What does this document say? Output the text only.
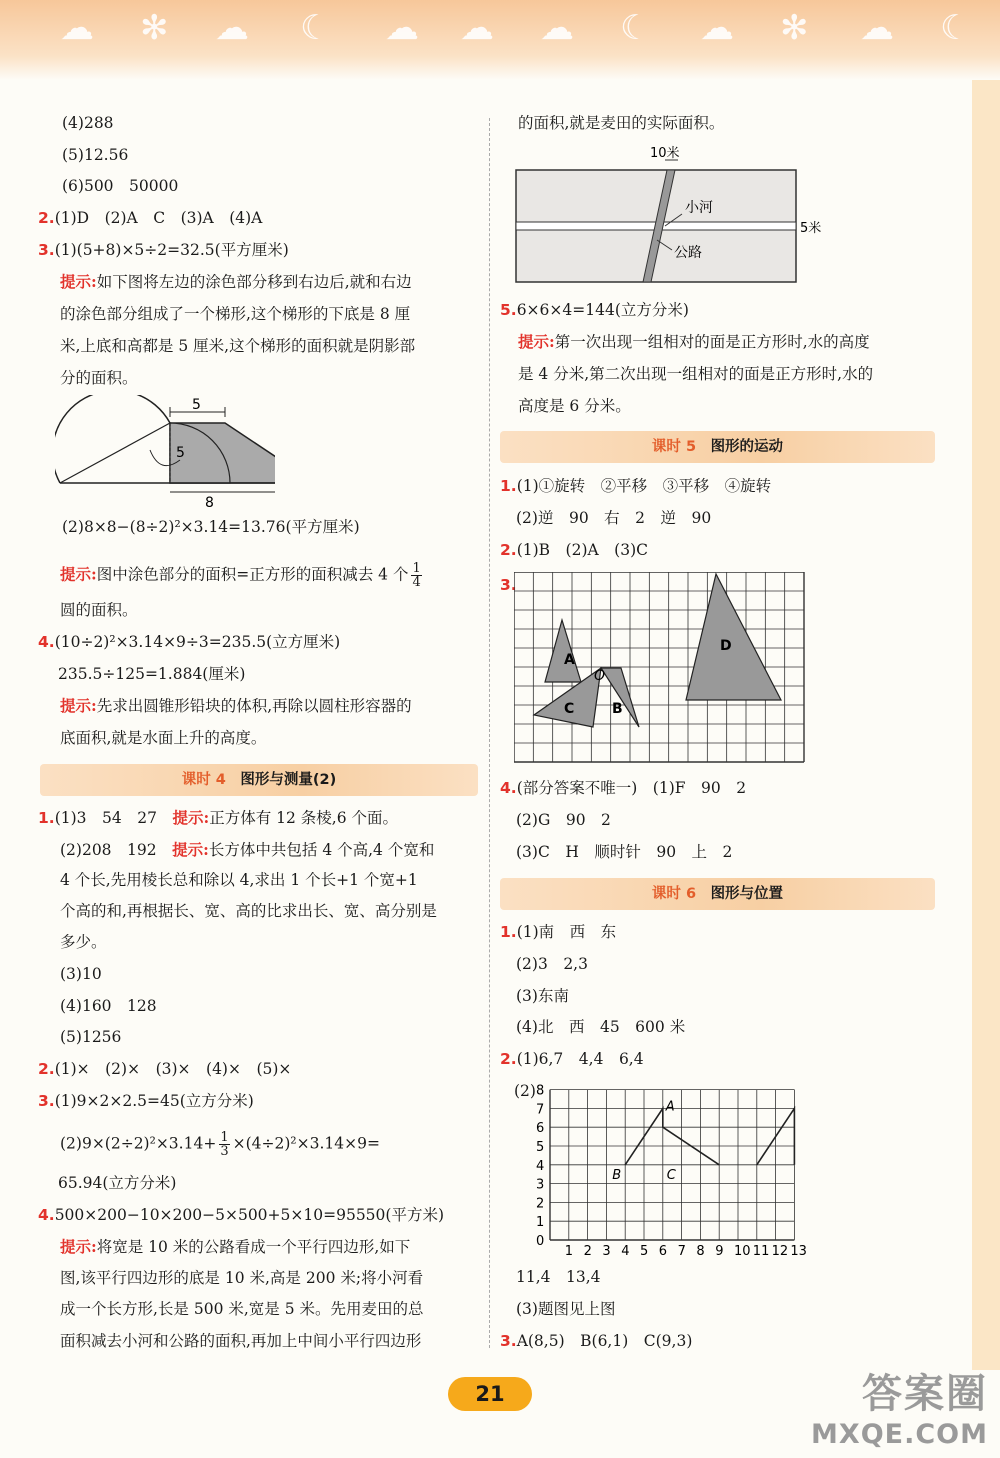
☁ ✻ ☁ ☾ ☁ ☁ ☁ ☾ ☁ ✻ ☁ ☾
(4)288
(5)12.56
(6)500　50000
2.(1)D　(2)A　C　(3)A　(4)A
3.(1)(5+8)×5÷2=32.5(平方厘米)
提示:如下图将左边的涂色部分移到右边后,就和右边
的涂色部分组成了一个梯形,这个梯形的下底是 8 厘
米,上底和高都是 5 厘米,这个梯形的面积就是阴影部
分的面积。
5
5
8
(2)8×8−(8÷2)²×3.14=13.76(平方厘米)
提示:图中涂色部分的面积=正方形的面积减去 4 个 $\frac{1}{4}$
圆的面积。
4.(10÷2)²×3.14×9÷3=235.5(立方厘米)
235.5÷125=1.884(厘米)
提示:先求出圆锥形铅块的体积,再除以圆柱形容器的
底面积,就是水面上升的高度。
课时 4　 图形与测量(2)
1.(1)3　54　27　 提示:正方体有 12 条棱,6 个面。
(2)208　192　 提示:长方体中共包括 4 个高,4 个宽和
4 个长,先用棱长总和除以 4,求出 1 个长+1 个宽+1
个高的和,再根据长、宽、高的比求出长、宽、高分别是
多少。
(3)10
(4)160　128
(5)1256
2.(1)×　(2)×　(3)×　(4)×　(5)×
3.(1)9×2×2.5=45(立方分米)
$(2)9\times(2\div 2)^2\times 3.14+ \frac{1}{3} \times(4\div 2)^2\times 3.14\times 9=$
65.94(立方分米)
4.500×200−10×200−5×500+5×10=95550(平方米)
提示:将宽是 10 米的公路看成一个平行四边形,如下
图,该平行四边形的底是 10 米,高是 200 米;将小河看
成一个长方形,长是 500 米,宽是 5 米。先用麦田的总
面积减去小河和公路的面积,再加上中间小平行四边形
的面积,就是麦田的实际面积。
10米
小河
公路
5米
5.6×6×4=144(立方分米)
提示:第一次出现一组相对的面是正方形时,水的高度
是 4 分米,第二次出现一组相对的面是正方形时,水的
高度是 6 分米。
课时 5　 图形的运动
1.(1)①旋转　②平移　③平移　④旋转
(2)逆　90　右　2　逆　90
2.(1)B　(2)A　(3)C
3.
A
B
C
D
O
4.(部分答案不唯一)　(1)F　90　2
(2)G　90　2
(3)C　H　顺时针　90　上　2
课时 6　 图形与位置
1.(1)南　西　东
(2)3　2,3
(3)东南
(4)北　西　45　600 米
2.(1)6,7　4,4　6,4
(2)
1 2 3 4 5 6 7 8 9 10 11 12 13
0
1
2
3
4
5
6
7
8
A
B	C
11,4　13,4
(3)题图见上图
3.A(8,5)　B(6,1)　C(9,3)
21	答案圈
MXQE.COM
